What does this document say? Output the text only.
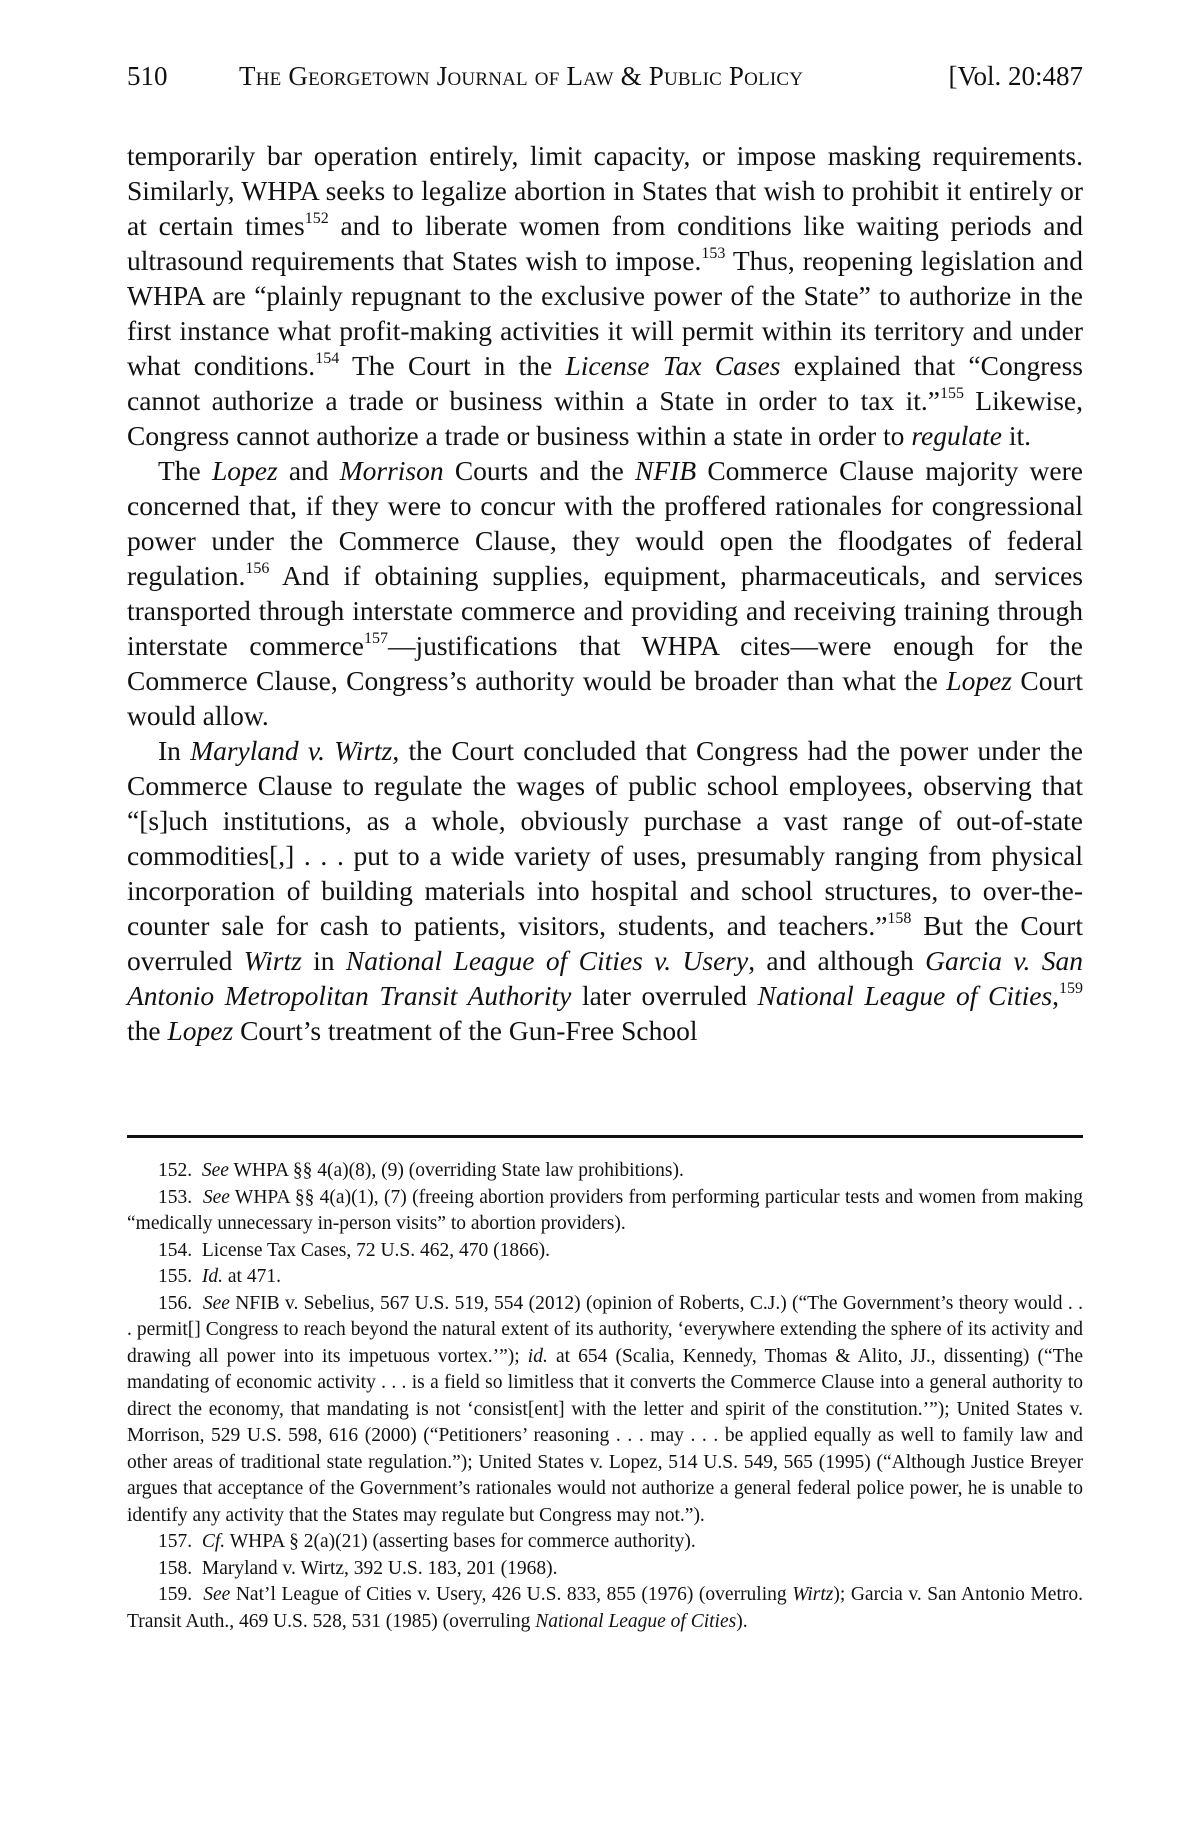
510	The Georgetown Journal of Law & Public Policy	[Vol. 20:487

temporarily bar operation entirely, limit capacity, or impose masking requirements. Similarly, WHPA seeks to legalize abortion in States that wish to prohibit it entirely or at certain times$^{152}$ and to liberate women from conditions like waiting periods and ultrasound requirements that States wish to impose.$^{153}$ Thus, reopening legislation and WHPA are “plainly repugnant to the exclusive power of the State” to authorize in the first instance what profit-making activities it will permit within its territory and under what conditions.$^{154}$ The Court in the License Tax Cases explained that “Congress cannot authorize a trade or business within a State in order to tax it.”$^{155}$ Likewise, Congress cannot authorize a trade or business within a state in order to regulate it.

The Lopez and Morrison Courts and the NFIB Commerce Clause majority were concerned that, if they were to concur with the proffered rationales for congressional power under the Commerce Clause, they would open the floodgates of federal regulation.$^{156}$ And if obtaining supplies, equipment, pharmaceuticals, and services transported through interstate commerce and providing and receiving training through interstate commerce$^{157}$—justifications that WHPA cites—were enough for the Commerce Clause, Congress’s authority would be broader than what the Lopez Court would allow.

In Maryland v. Wirtz, the Court concluded that Congress had the power under the Commerce Clause to regulate the wages of public school employees, observing that “[s]uch institutions, as a whole, obviously purchase a vast range of out-of-state commodities[,] . . . put to a wide variety of uses, presumably ranging from physical incorporation of building materials into hospital and school structures, to over-the-counter sale for cash to patients, visitors, students, and teachers.”$^{158}$ But the Court overruled Wirtz in National League of Cities v. Usery, and although Garcia v. San Antonio Metropolitan Transit Authority later overruled National League of Cities,$^{159}$ the Lopez Court’s treatment of the Gun-Free School

152. See WHPA §§ 4(a)(8), (9) (overriding State law prohibitions).

153. See WHPA §§ 4(a)(1), (7) (freeing abortion providers from performing particular tests and women from making “medically unnecessary in-person visits” to abortion providers).

154. License Tax Cases, 72 U.S. 462, 470 (1866).

155. Id. at 471.

156. See NFIB v. Sebelius, 567 U.S. 519, 554 (2012) (opinion of Roberts, C.J.) (“The Government’s theory would . . . permit[] Congress to reach beyond the natural extent of its authority, ‘everywhere extending the sphere of its activity and drawing all power into its impetuous vortex.’”); id. at 654 (Scalia, Kennedy, Thomas & Alito, JJ., dissenting) (“The mandating of economic activity . . . is a field so limitless that it converts the Commerce Clause into a general authority to direct the economy, that mandating is not ‘consist[ent] with the letter and spirit of the constitution.’”); United States v. Morrison, 529 U.S. 598, 616 (2000) (“Petitioners’ reasoning . . . may . . . be applied equally as well to family law and other areas of traditional state regulation.”); United States v. Lopez, 514 U.S. 549, 565 (1995) (“Although Justice Breyer argues that acceptance of the Government’s rationales would not authorize a general federal police power, he is unable to identify any activity that the States may regulate but Congress may not.”).

157. Cf. WHPA § 2(a)(21) (asserting bases for commerce authority).

158. Maryland v. Wirtz, 392 U.S. 183, 201 (1968).

159. See Nat’l League of Cities v. Usery, 426 U.S. 833, 855 (1976) (overruling Wirtz); Garcia v. San Antonio Metro. Transit Auth., 469 U.S. 528, 531 (1985) (overruling National League of Cities).
